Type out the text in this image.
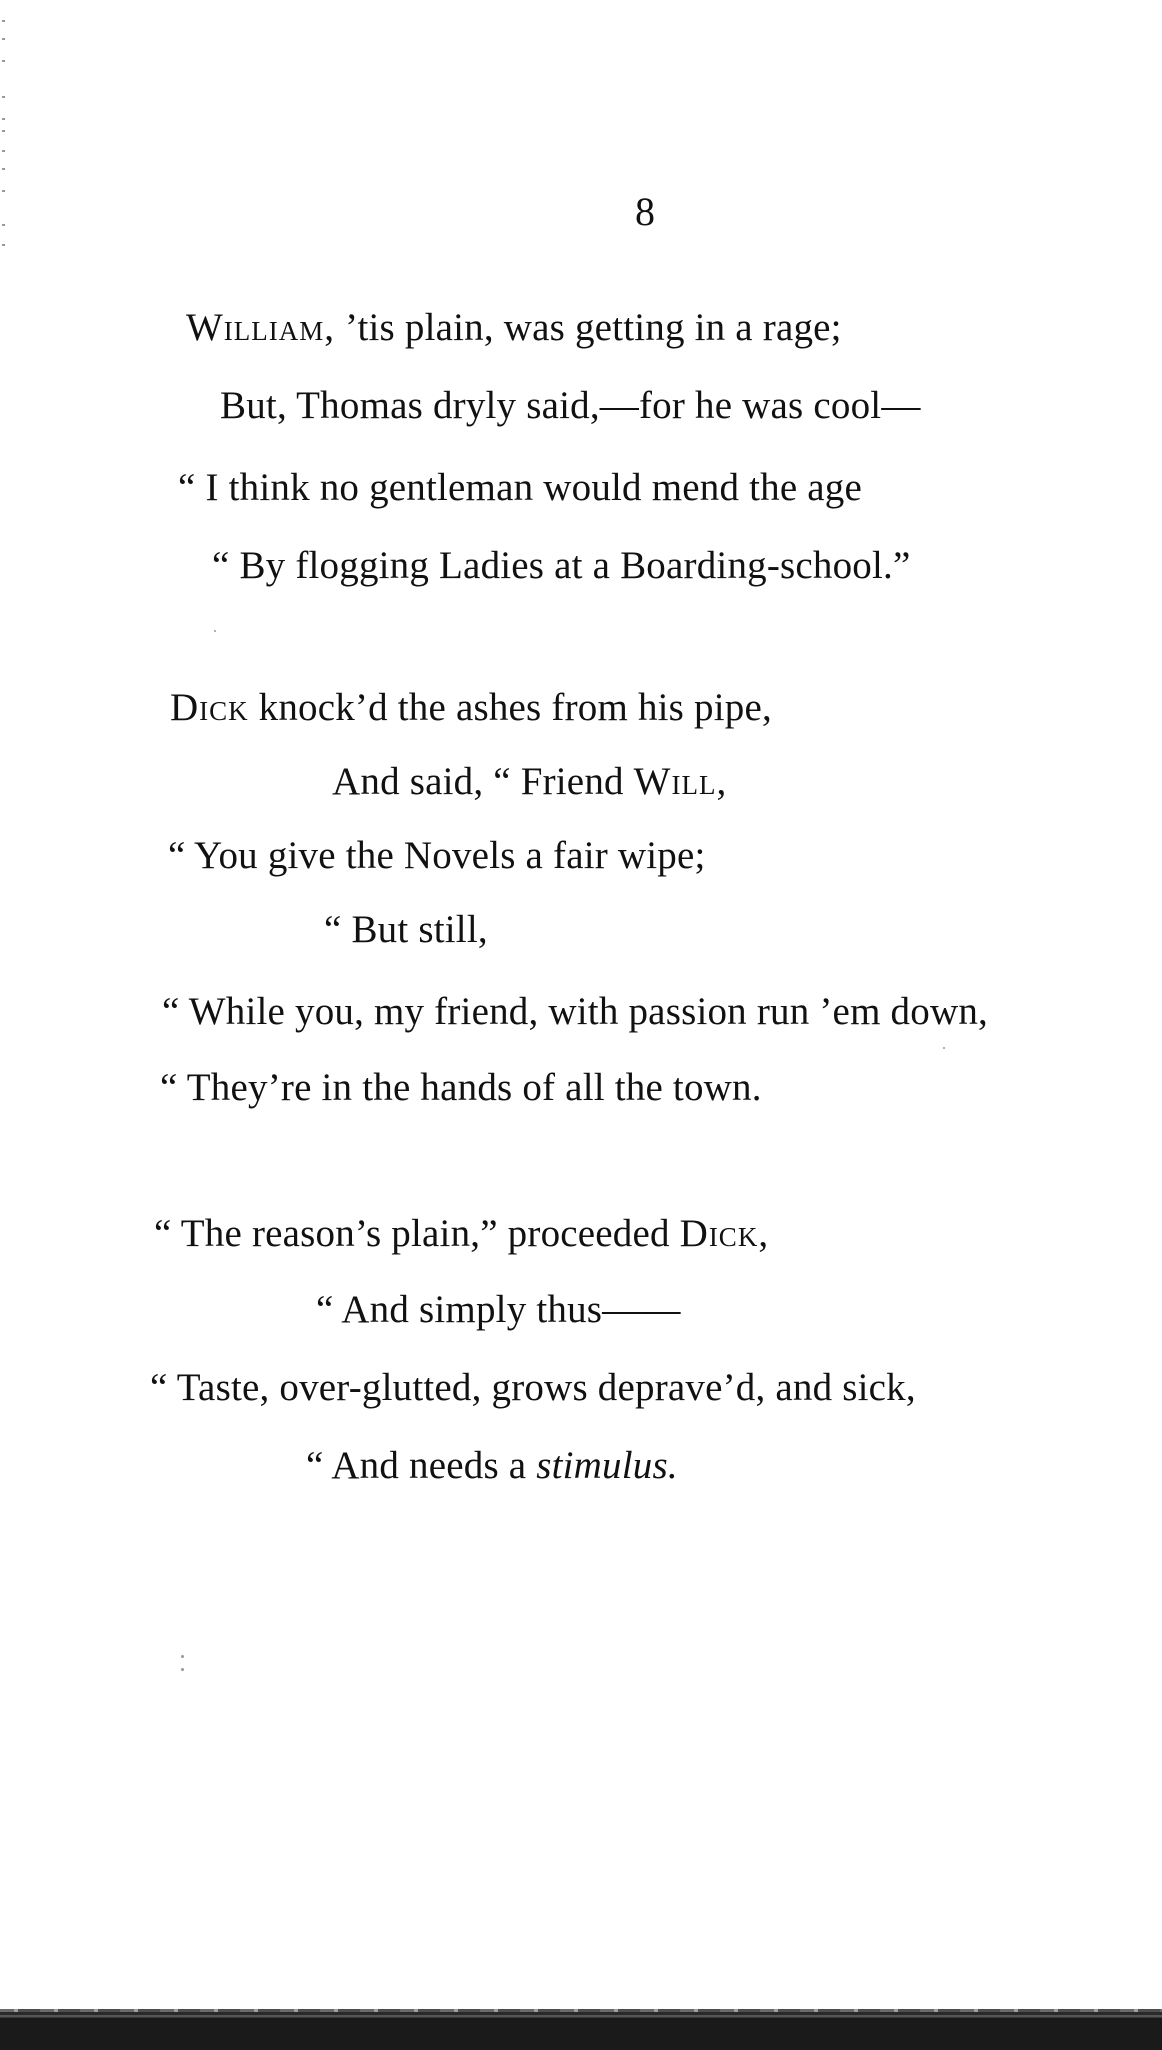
8
William, ’tis plain, was getting in a rage;
But, Thomas dryly said,—for he was cool—
“ I think no gentleman would mend the age
“ By flogging Ladies at a Boarding-school.”
Dick knock’d the ashes from his pipe,
And said, “ Friend Will,
“ You give the Novels a fair wipe;
“ But still,
“ While you, my friend, with passion run ’em down,
“ They’re in the hands of all the town.
“ The reason’s plain,” proceeded Dick,
“ And simply thus——
“ Taste, over-glutted, grows deprave’d, and sick,
“ And needs a stimulus.
